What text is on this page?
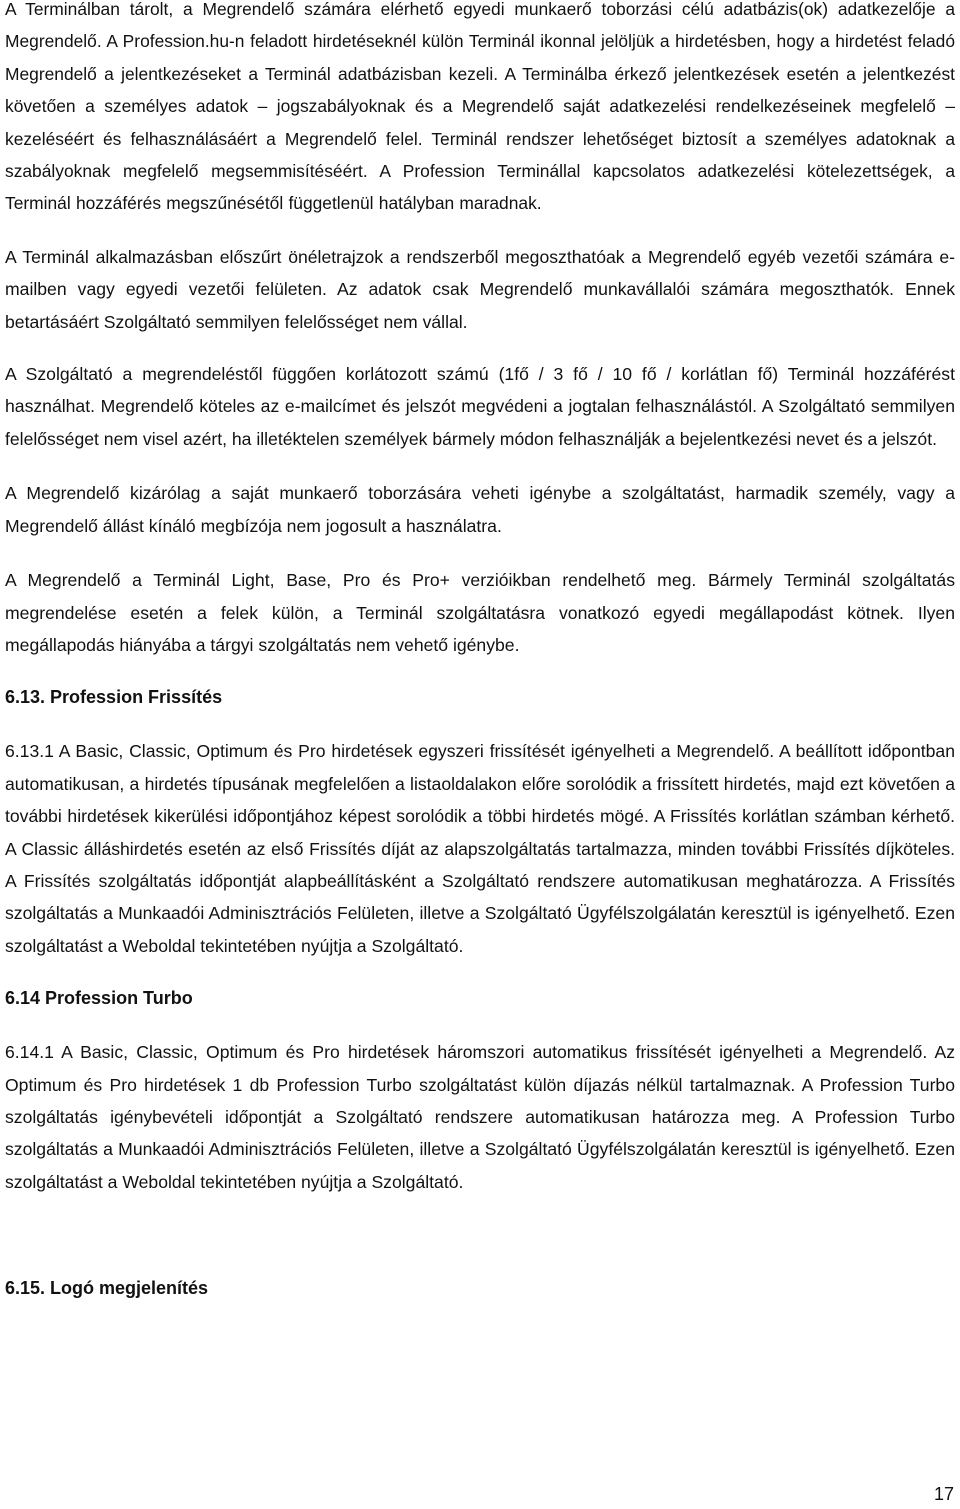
A Terminálban tárolt, a Megrendelő számára elérhető egyedi munkaerő toborzási célú adatbázis(ok) adatkezelője a Megrendelő. A Profession.hu-n feladott hirdetéseknél külön Terminál ikonnal jelöljük a hirdetésben, hogy a hirdetést feladó Megrendelő a jelentkezéseket a Terminál adatbázisban kezeli. A Terminálba érkező jelentkezések esetén a jelentkezést követően a személyes adatok – jogszabályoknak és a Megrendelő saját adatkezelési rendelkezéseinek megfelelő – kezeléséért és felhasználásáért a Megrendelő felel. Terminál rendszer lehetőséget biztosít a személyes adatoknak a szabályoknak megfelelő megsemmisítéséért. A Profession Terminállal kapcsolatos adatkezelési kötelezettségek, a Terminál hozzáférés megszűnésétől függetlenül hatályban maradnak.

A Terminál alkalmazásban előszűrt önéletrajzok a rendszerből megoszthatóak a Megrendelő egyéb vezetői számára e-mailben vagy egyedi vezetői felületen. Az adatok csak Megrendelő munkavállalói számára megoszthatók. Ennek betartásáért Szolgáltató semmilyen felelősséget nem vállal.

A Szolgáltató a megrendeléstől függően korlátozott számú (1fő / 3 fő / 10 fő / korlátlan fő) Terminál hozzáférést használhat. Megrendelő köteles az e-mailcímet és jelszót megvédeni a jogtalan felhasználástól. A Szolgáltató semmilyen felelősséget nem visel azért, ha illetéktelen személyek bármely módon felhasználják a bejelentkezési nevet és a jelszót.

A Megrendelő kizárólag a saját munkaerő toborzására veheti igénybe a szolgáltatást, harmadik személy, vagy a Megrendelő állást kínáló megbízója nem jogosult a használatra.

A Megrendelő a Terminál Light, Base, Pro és Pro+ verzióikban rendelhető meg. Bármely Terminál szolgáltatás megrendelése esetén a felek külön, a Terminál szolgáltatásra vonatkozó egyedi megállapodást kötnek. Ilyen megállapodás hiányába a tárgyi szolgáltatás nem vehető igénybe.

6.13. Profession Frissítés

6.13.1 A Basic, Classic, Optimum és Pro hirdetések egyszeri frissítését igényelheti a Megrendelő. A beállított időpontban automatikusan, a hirdetés típusának megfelelően a listaoldalakon előre sorolódik a frissített hirdetés, majd ezt követően a további hirdetések kikerülési időpontjához képest sorolódik a többi hirdetés mögé. A Frissítés korlátlan számban kérhető. A Classic álláshirdetés esetén az első Frissítés díját az alapszolgáltatás tartalmazza, minden további Frissítés díjköteles. A Frissítés szolgáltatás időpontját alapbeállításként a Szolgáltató rendszere automatikusan meghatározza. A Frissítés szolgáltatás a Munkaadói Adminisztrációs Felületen, illetve a Szolgáltató Ügyfélszolgálatán keresztül is igényelhető. Ezen szolgáltatást a Weboldal tekintetében nyújtja a Szolgáltató.

6.14 Profession Turbo

6.14.1 A Basic, Classic, Optimum és Pro hirdetések háromszori automatikus frissítését igényelheti a Megrendelő. Az Optimum és Pro hirdetések 1 db Profession Turbo szolgáltatást külön díjazás nélkül tartalmaznak. A Profession Turbo szolgáltatás igénybevételi időpontját a Szolgáltató rendszere automatikusan határozza meg. A Profession Turbo szolgáltatás a Munkaadói Adminisztrációs Felületen, illetve a Szolgáltató Ügyfélszolgálatán keresztül is igényelhető. Ezen szolgáltatást a Weboldal tekintetében nyújtja a Szolgáltató.

6.15. Logó megjelenítés

17
